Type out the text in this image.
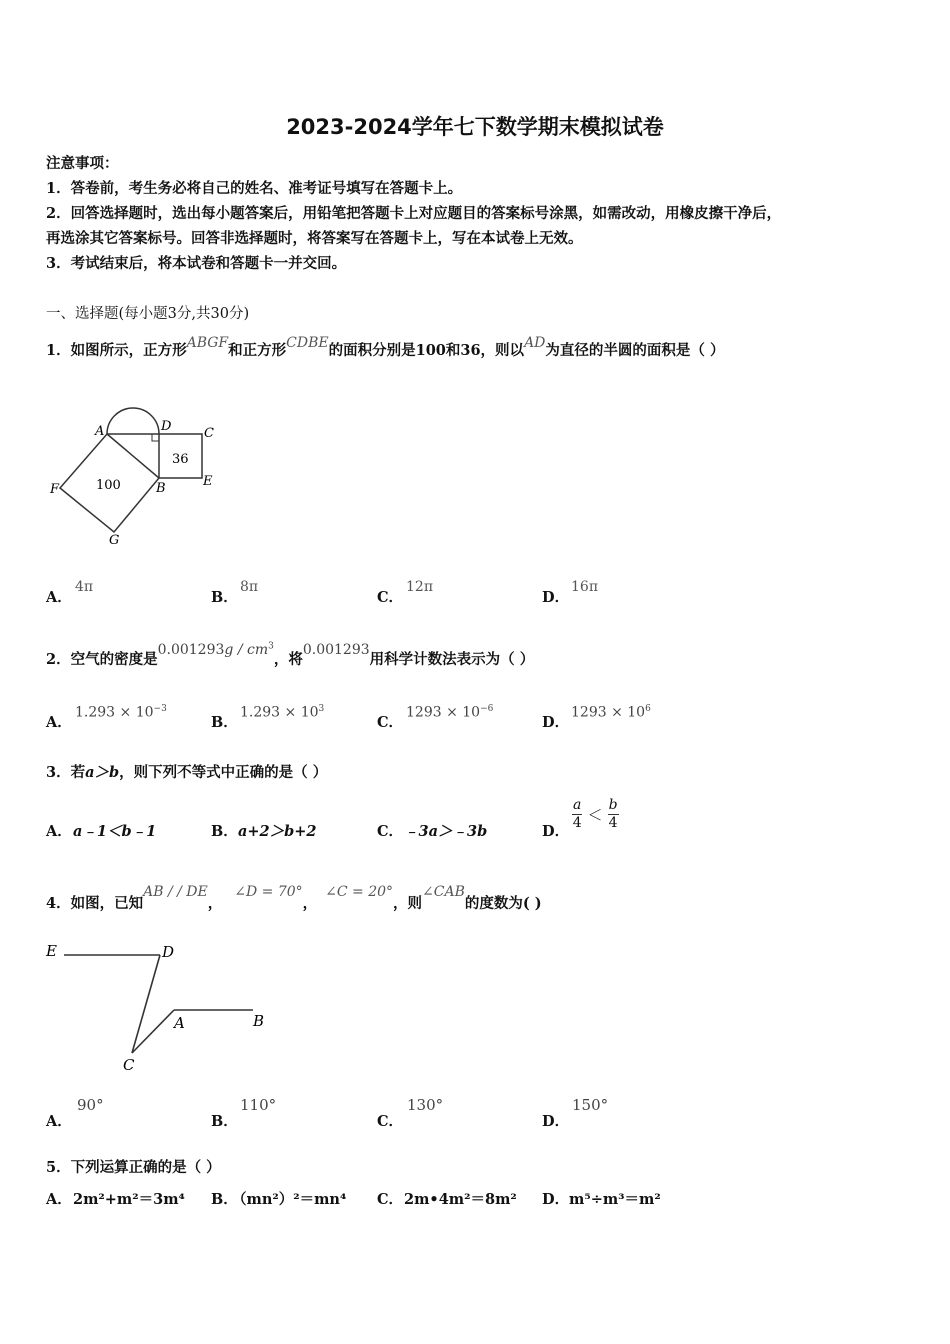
2023-2024学年七下数学期末模拟试卷
注意事项：
1．答卷前，考生务必将自己的姓名、准考证号填写在答题卡上。
2．回答选择题时，选出每小题答案后，用铅笔把答题卡上对应题目的答案标号涂黑，如需改动，用橡皮擦干净后，
再选涂其它答案标号。回答非选择题时，将答案写在答题卡上，写在本试卷上无效。
3．考试结束后，将本试卷和答题卡一并交回。
一、选择题(每小题3分,共30分)
1．如图所示，正方形ABGF和正方形CDBE的面积分别是100和36，则以AD为直径的半圆的面积是（ ）
A	D	C
F	B	E
G
100
36
A．
4π
B．
8π
C．
12π
D．
16π
2．空气的密度是$0.001293g / cm^3$，将0.001293用科学计数法表示为（ ）
A．
$1.293 \times 10^{-3}$
B．
$1.293 \times 10^3$
C．
$1293 \times 10^{-6}$
D．
$1293 \times 10^6$
3．若a＞b，则下列不等式中正确的是（ ）
A． a﹣1＜b﹣1	B． a+2＞b+2	C． ﹣3a＞﹣3b	D． $\frac{a}{4} < \frac{b}{4}$
4．如图，已知AB / / DE，∠D = 70°，∠C = 20°，则∠CAB的度数为( )
E	D
A	B
C
A．
90°
B．
110°
C．
130°
D．
150°
5．下列运算正确的是（ ）
A． 2m²+m²＝3m⁴ B．
（mn²）²＝mn⁴ C． 2m•4m²＝8m² D． m⁵÷m³＝m²
